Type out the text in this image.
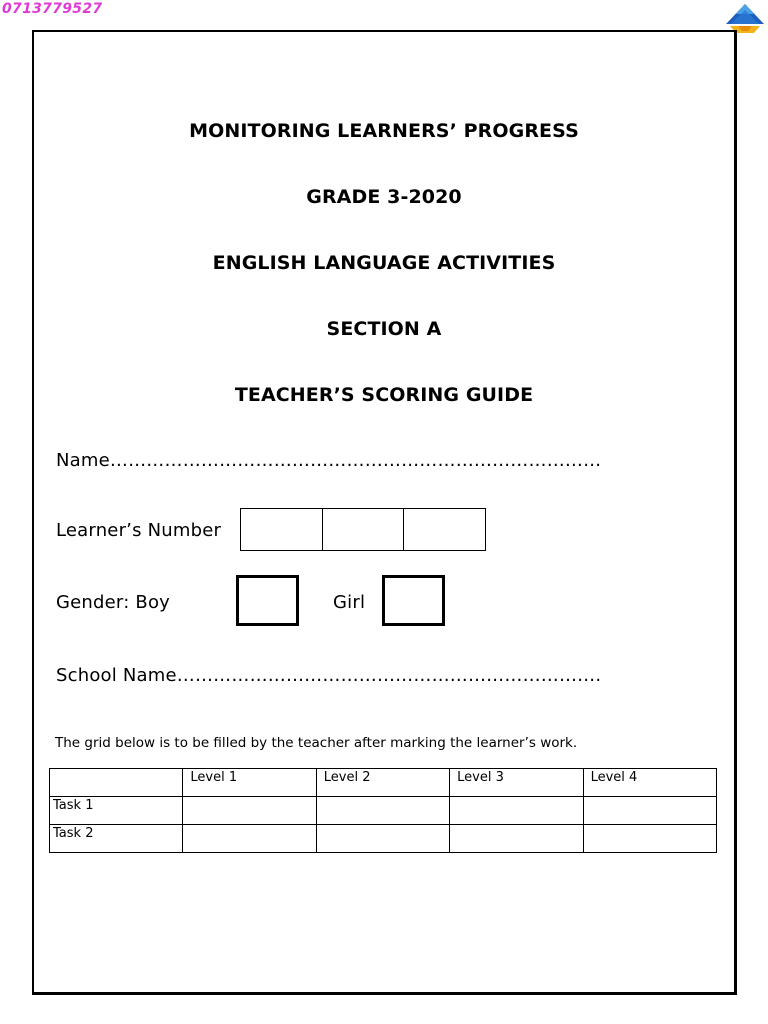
0713779527
MONITORING LEARNERS’ PROGRESS
GRADE 3-2020
ENGLISH LANGUAGE ACTIVITIES
SECTION A
TEACHER’S SCORING GUIDE
Name………………………………………………………………………
Learner’s Number
Gender: Boy	Girl
School Name…………………………………………………………….
The grid below is to be filled by the teacher after marking the learner’s work.
	Level 1	Level 2	Level 3	Level 4
Task 1				
Task 2				
